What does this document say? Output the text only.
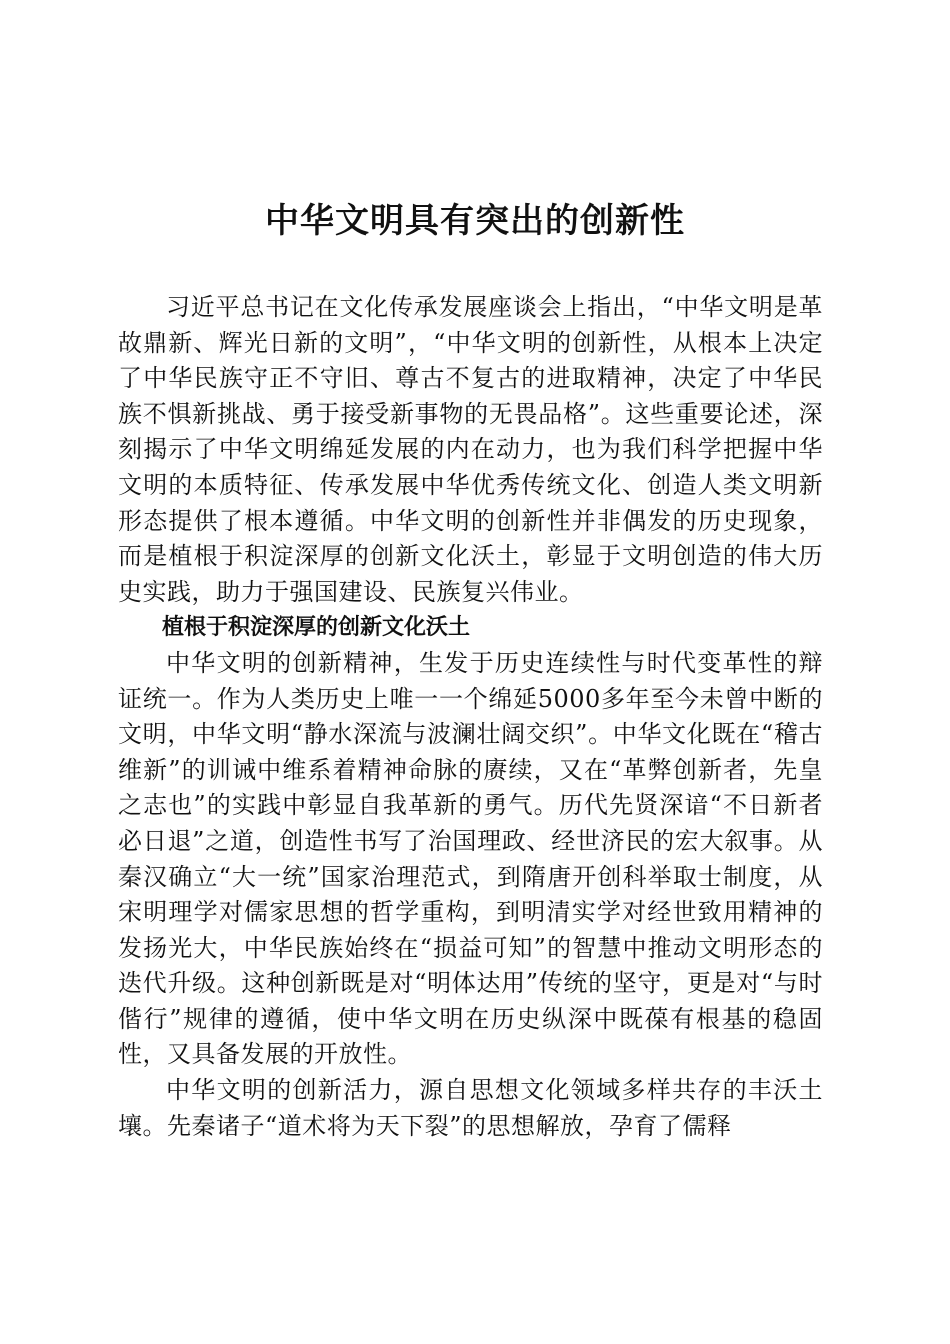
中华文明具有突出的创新性

习近平总书记在文化传承发展座谈会上指出，“中华文明是革故鼎新、辉光日新的文明”，“中华文明的创新性，从根本上决定了中华民族守正不守旧、尊古不复古的进取精神，决定了中华民族不惧新挑战、勇于接受新事物的无畏品格”。这些重要论述，深刻揭示了中华文明绵延发展的内在动力，也为我们科学把握中华文明的本质特征、传承发展中华优秀传统文化、创造人类文明新形态提供了根本遵循。中华文明的创新性并非偶发的历史现象，而是植根于积淀深厚的创新文化沃土，彰显于文明创造的伟大历史实践，助力于强国建设、民族复兴伟业。

植根于积淀深厚的创新文化沃土

中华文明的创新精神，生发于历史连续性与时代变革性的辩证统一。作为人类历史上唯一一个绵延5000多年至今未曾中断的文明，中华文明“静水深流与波澜壮阔交织”。中华文化既在“稽古维新”的训诫中维系着精神命脉的赓续，又在“革弊创新者，先皇之志也”的实践中彰显自我革新的勇气。历代先贤深谙“不日新者必日退”之道，创造性书写了治国理政、经世济民的宏大叙事。从秦汉确立“大一统”国家治理范式，到隋唐开创科举取士制度，从宋明理学对儒家思想的哲学重构，到明清实学对经世致用精神的发扬光大，中华民族始终在“损益可知”的智慧中推动文明形态的迭代升级。这种创新既是对“明体达用”传统的坚守，更是对“与时偕行”规律的遵循，使中华文明在历史纵深中既葆有根基的稳固性，又具备发展的开放性。

中华文明的创新活力，源自思想文化领域多样共存的丰沃土壤。先秦诸子“道术将为天下裂”的思想解放，孕育了儒释
